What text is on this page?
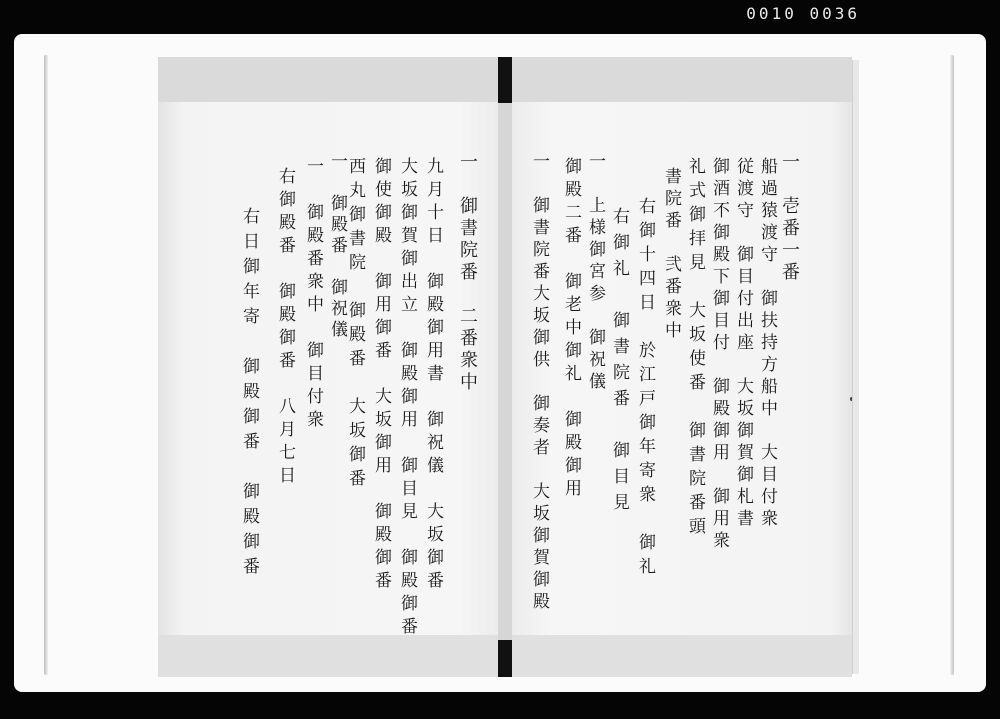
0010 0036
一　御書院番　二番衆中
九月十日　御殿御用書　御祝儀　大坂御番
大坂御賀御出立　御殿御用　御目見　御殿御番
御使御殿　御用御番　大坂御用　御殿御番
西丸御書院　御殿番　大坂御番
一　御殿番　御祝儀
一　御殿番衆中　御目付衆
右御殿番　御殿御番　八月七日
右日御年寄　御殿御番　御殿御番	一　壱番一番
船過猿渡守　御扶持方船中　大目付衆
従渡守　御目付出座　大坂御賀御札書
御酒不御殿下御目付　御殿御用　御用衆
礼式御拝見　大坂使番　御書院番頭
書院番　弐番衆中
右御十四日　於江戸御年寄衆　御礼
右御礼　御書院番　御目見
一　上様御宮参　御祝儀
御殿二番　御老中御礼　御殿御用
一　御書院番大坂御供　御奏者　大坂御賀御殿
